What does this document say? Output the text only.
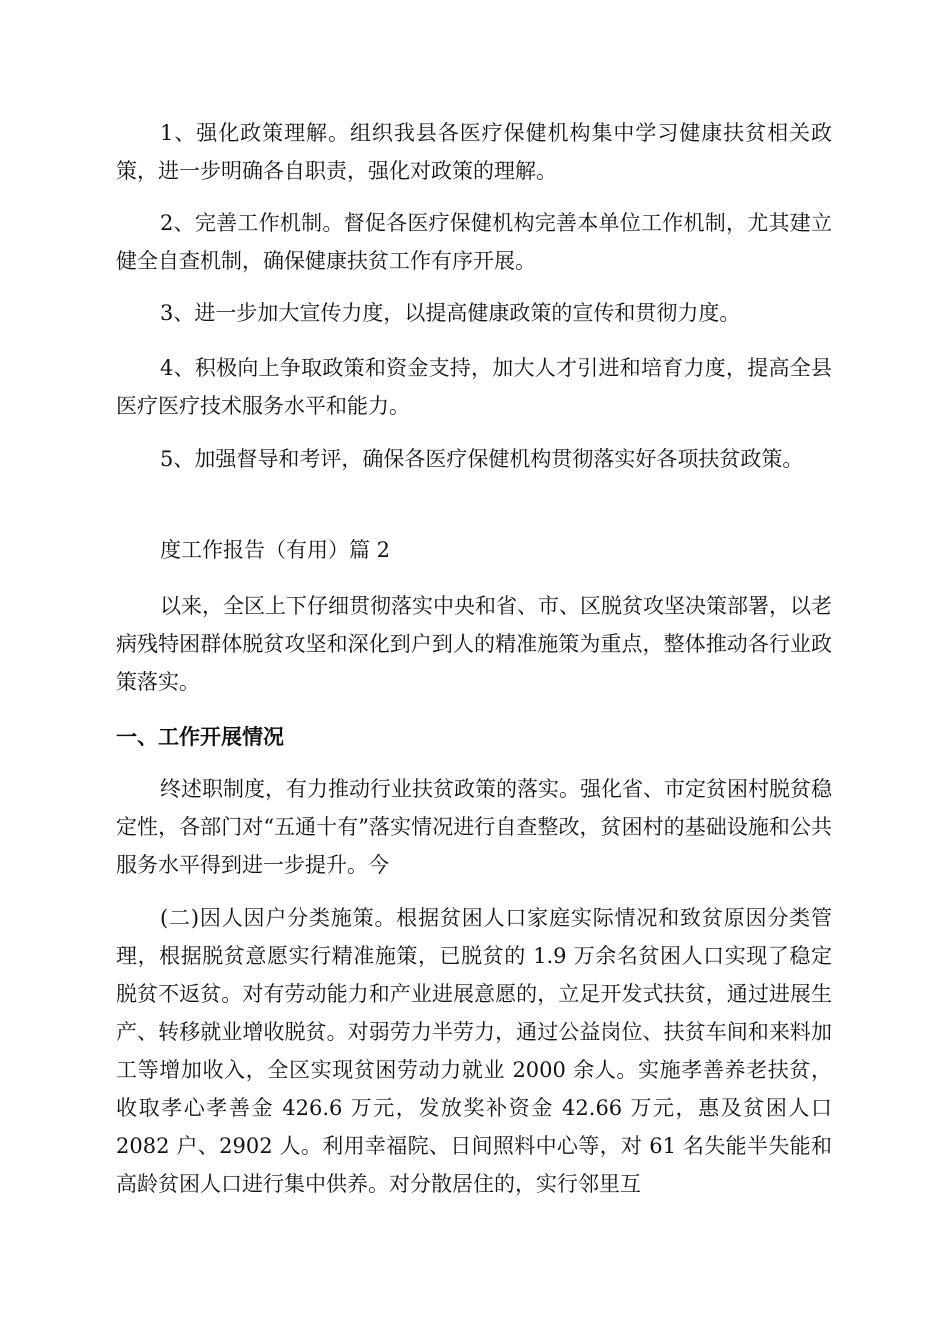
1、强化政策理解。组织我县各医疗保健机构集中学习健康扶贫相关政策，进一步明确各自职责，强化对政策的理解。

2、完善工作机制。督促各医疗保健机构完善本单位工作机制，尤其建立健全自查机制，确保健康扶贫工作有序开展。

3、进一步加大宣传力度，以提高健康政策的宣传和贯彻力度。

4、积极向上争取政策和资金支持，加大人才引进和培育力度，提高全县医疗医疗技术服务水平和能力。

5、加强督导和考评，确保各医疗保健机构贯彻落实好各项扶贫政策。

度工作报告（有用）篇 2

以来，全区上下仔细贯彻落实中央和省、市、区脱贫攻坚决策部署，以老病残特困群体脱贫攻坚和深化到户到人的精准施策为重点，整体推动各行业政策落实。

一、工作开展情况

终述职制度，有力推动行业扶贫政策的落实。强化省、市定贫困村脱贫稳定性，各部门对“五通十有”落实情况进行自查整改，贫困村的基础设施和公共服务水平得到进一步提升。今

(二)因人因户分类施策。根据贫困人口家庭实际情况和致贫原因分类管理，根据脱贫意愿实行精准施策，已脱贫的 1.9 万余名贫困人口实现了稳定脱贫不返贫。对有劳动能力和产业进展意愿的，立足开发式扶贫，通过进展生产、转移就业增收脱贫。对弱劳力半劳力，通过公益岗位、扶贫车间和来料加工等增加收入，全区实现贫困劳动力就业 2000 余人。实施孝善养老扶贫，收取孝心孝善金 426.6 万元，发放奖补资金 42.66 万元，惠及贫困人口 2082 户、2902 人。利用幸福院、日间照料中心等，对 61 名失能半失能和高龄贫困人口进行集中供养。对分散居住的，实行邻里互
